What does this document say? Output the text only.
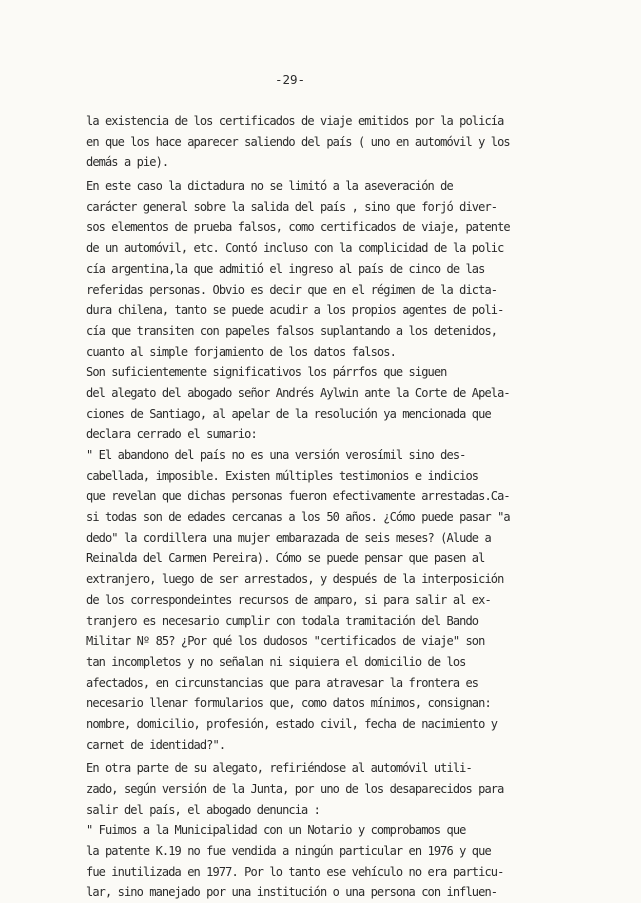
-29-
la existencia de los certificados de viaje emitidos por la policía
en que los hace aparecer saliendo del país ( uno en automóvil y los
demás a pie).
En este caso la dictadura no se limitó a la aseveración de
carácter general sobre la salida del país , sino que forjó diver-
sos elementos de prueba falsos, como certificados de viaje, patente
de un automóvil, etc. Contó incluso con la complicidad de la polic
cía argentina,la que admitió el ingreso al país de cinco de las
referidas personas. Obvio es decir que en el régimen de la dicta-
dura chilena, tanto se puede acudir a los propios agentes de poli-
cía que transiten con papeles falsos suplantando a los detenidos,
cuanto al simple forjamiento de los datos falsos.
Son suficientemente significativos los párrfos que siguen
del alegato del abogado señor Andrés Aylwin ante la Corte de Apela-
ciones de Santiago, al apelar de la resolución ya mencionada que
declara cerrado el sumario:
" El abandono del país no es una versión verosímil sino des-
cabellada, imposible. Existen múltiples testimonios e indicios
que revelan que dichas personas fueron efectivamente arrestadas.Ca-
si todas son de edades cercanas a los 50 años. ¿Cómo puede pasar "a
dedo" la cordillera una mujer embarazada de seis meses? (Alude a
Reinalda del Carmen Pereira). Cómo se puede pensar que pasen al
extranjero, luego de ser arrestados, y después de la interposición
de los correspondeintes recursos de amparo, si para salir al ex-
tranjero es necesario cumplir con todala tramitación del Bando
Militar Nº 85? ¿Por qué los dudosos "certificados de viaje" son
tan incompletos y no señalan ni siquiera el domicilio de los
afectados, en circunstancias que para atravesar la frontera es
necesario llenar formularios que, como datos mínimos, consignan:
nombre, domicilio, profesión, estado civil, fecha de nacimiento y
carnet de identidad?".
En otra parte de su alegato, refiriéndose al automóvil utili-
zado, según versión de la Junta, por uno de los desaparecidos para
salir del país, el abogado denuncia :
" Fuimos a la Municipalidad con un Notario y comprobamos que
la patente K.19 no fue vendida a ningún particular en 1976 y que
fue inutilizada en 1977. Por lo tanto ese vehículo no era particu-
lar, sino manejado por una institución o una persona con influen-
